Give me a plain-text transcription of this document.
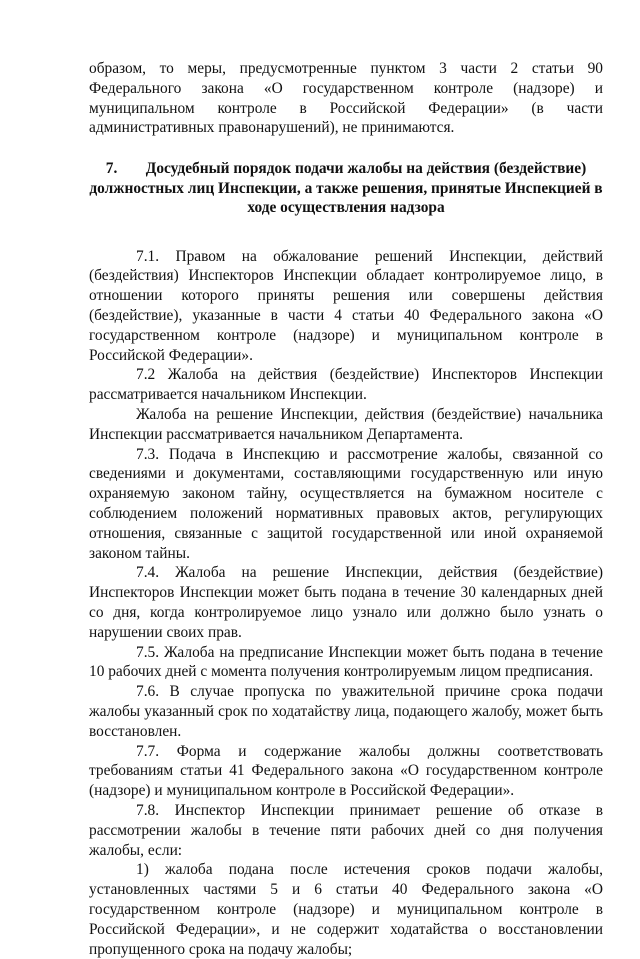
образом, то меры, предусмотренные пунктом 3 части 2 статьи 90 Федерального закона «О государственном контроле (надзоре) и муниципальном контроле в Российской Федерации» (в части административных правонарушений), не принимаются.

7. Досудебный порядок подачи жалобы на действия (бездействие) должностных лиц Инспекции, а также решения, принятые Инспекцией в ходе осуществления надзора

7.1. Правом на обжалование решений Инспекции, действий (бездействия) Инспекторов Инспекции обладает контролируемое лицо, в отношении которого приняты решения или совершены действия (бездействие), указанные в части 4 статьи 40 Федерального закона «О государственном контроле (надзоре) и муниципальном контроле в Российской Федерации».

7.2 Жалоба на действия (бездействие) Инспекторов Инспекции рассматривается начальником Инспекции.

Жалоба на решение Инспекции, действия (бездействие) начальника Инспекции рассматривается начальником Департамента.

7.3. Подача в Инспекцию и рассмотрение жалобы, связанной со сведениями и документами, составляющими государственную или иную охраняемую законом тайну, осуществляется на бумажном носителе с соблюдением положений нормативных правовых актов, регулирующих отношения, связанные с защитой государственной или иной охраняемой законом тайны.

7.4. Жалоба на решение Инспекции, действия (бездействие) Инспекторов Инспекции может быть подана в течение 30 календарных дней со дня, когда контролируемое лицо узнало или должно было узнать о нарушении своих прав.

7.5. Жалоба на предписание Инспекции может быть подана в течение 10 рабочих дней с момента получения контролируемым лицом предписания.

7.6. В случае пропуска по уважительной причине срока подачи жалобы указанный срок по ходатайству лица, подающего жалобу, может быть восстановлен.

7.7. Форма и содержание жалобы должны соответствовать требованиям статьи 41 Федерального закона «О государственном контроле (надзоре) и муниципальном контроле в Российской Федерации».

7.8. Инспектор Инспекции принимает решение об отказе в рассмотрении жалобы в течение пяти рабочих дней со дня получения жалобы, если:

1) жалоба подана после истечения сроков подачи жалобы, установленных частями 5 и 6 статьи 40 Федерального закона «О государственном контроле (надзоре) и муниципальном контроле в Российской Федерации», и не содержит ходатайства о восстановлении пропущенного срока на подачу жалобы;
